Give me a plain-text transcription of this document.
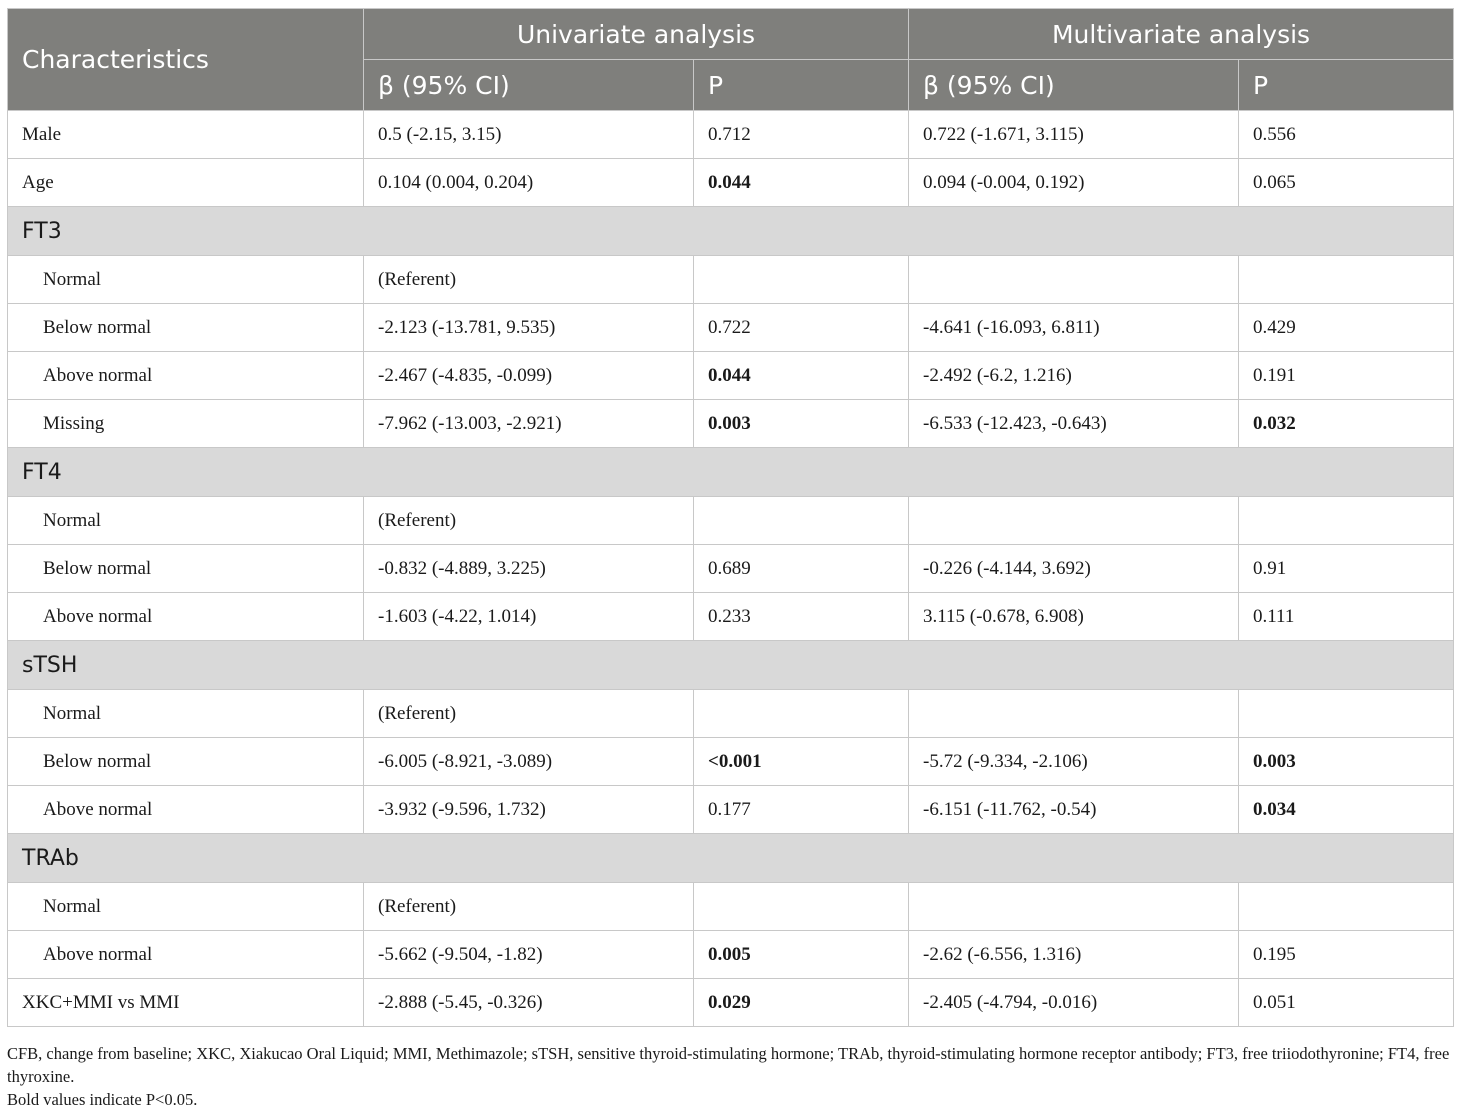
Characteristics	Univariate analysis		Multivariate analysis	
	β (95% CI)	P	β (95% CI)	P
Male	0.5 (-2.15, 3.15)	0.712	0.722 (-1.671, 3.115)	0.556
Age	0.104 (0.004, 0.204)	0.044	0.094 (-0.004, 0.192)	0.065
FT3				
Normal	(Referent)			
Below normal	-2.123 (-13.781, 9.535)	0.722	-4.641 (-16.093, 6.811)	0.429
Above normal	-2.467 (-4.835, -0.099)	0.044	-2.492 (-6.2, 1.216)	0.191
Missing	-7.962 (-13.003, -2.921)	0.003	-6.533 (-12.423, -0.643)	0.032
FT4				
Normal	(Referent)			
Below normal	-0.832 (-4.889, 3.225)	0.689	-0.226 (-4.144, 3.692)	0.91
Above normal	-1.603 (-4.22, 1.014)	0.233	3.115 (-0.678, 6.908)	0.111
sTSH				
Normal	(Referent)			
Below normal	-6.005 (-8.921, -3.089)	<0.001	-5.72 (-9.334, -2.106)	0.003
Above normal	-3.932 (-9.596, 1.732)	0.177	-6.151 (-11.762, -0.54)	0.034
TRAb				
Normal	(Referent)			
Above normal	-5.662 (-9.504, -1.82)	0.005	-2.62 (-6.556, 1.316)	0.195
XKC+MMI vs MMI	-2.888 (-5.45, -0.326)	0.029	-2.405 (-4.794, -0.016)	0.051

CFB, change from baseline; XKC, Xiakucao Oral Liquid; MMI, Methimazole; sTSH, sensitive thyroid-stimulating hormone; TRAb, thyroid-stimulating hormone receptor antibody; FT3, free triiodothyronine; FT4, free thyroxine.

Bold values indicate P<0.05.
